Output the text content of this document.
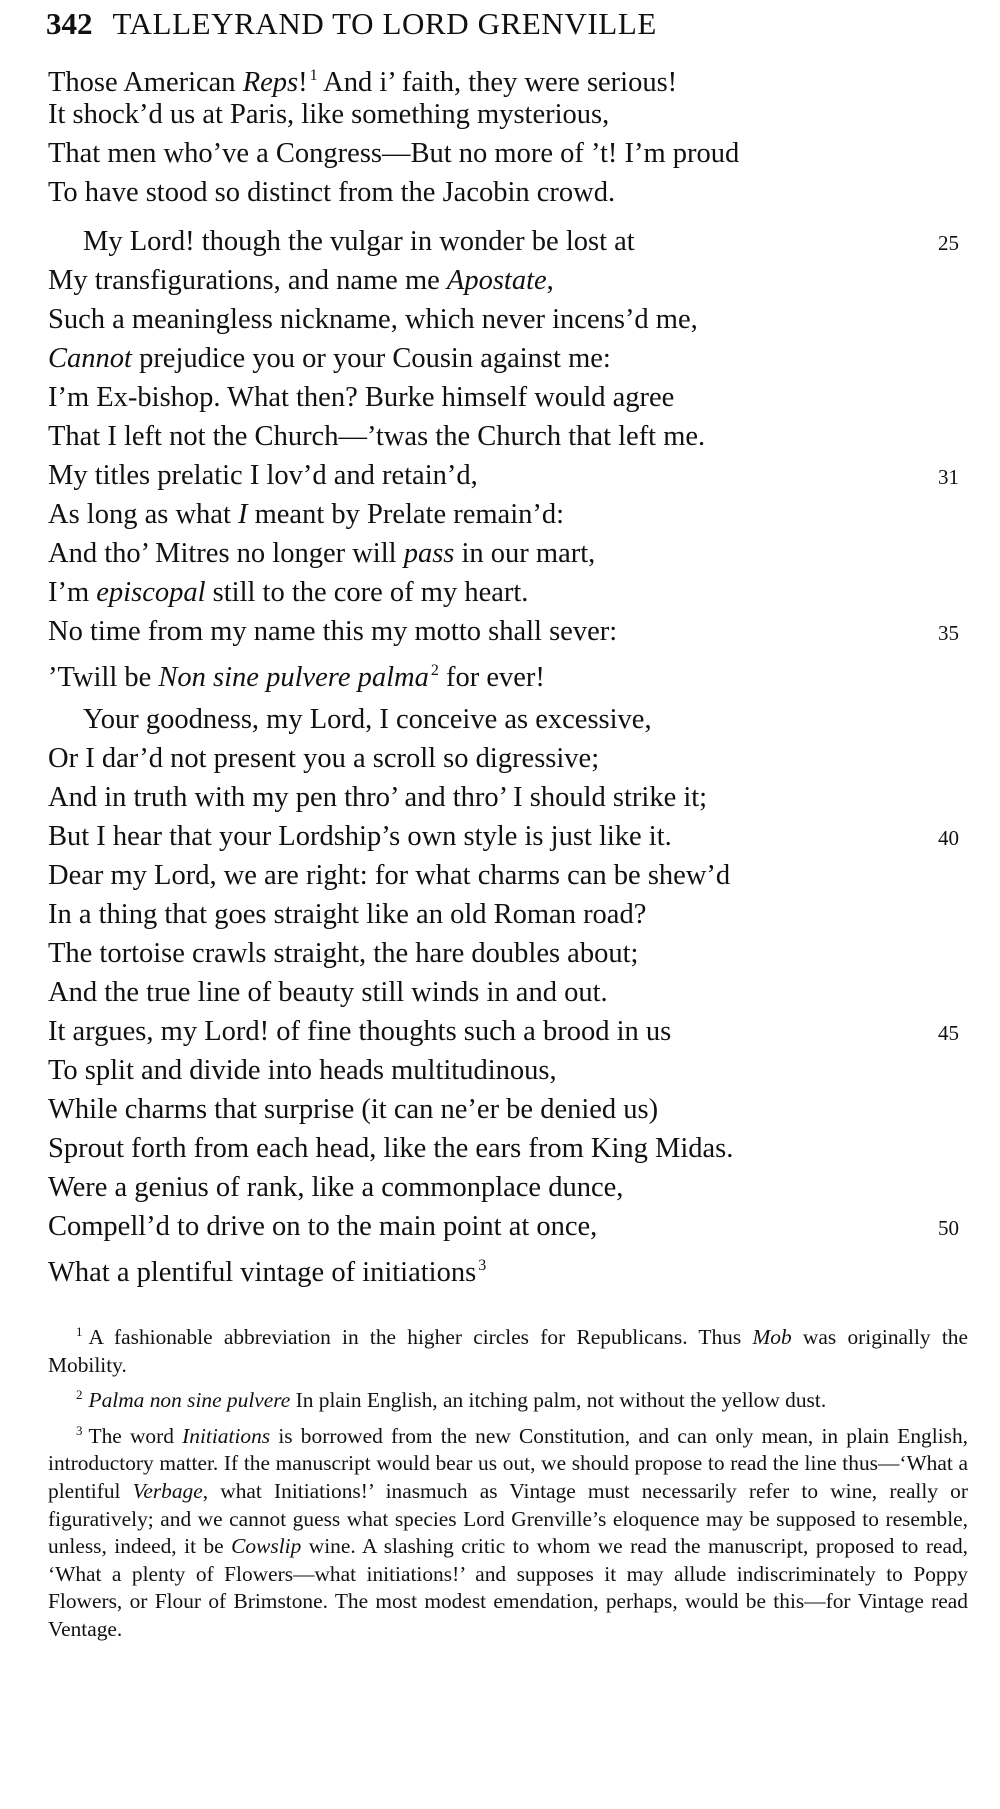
342 TALLEYRAND TO LORD GRENVILLE
Those American Reps! $^1$ And i’ faith, they were serious!
It shock’d us at Paris, like something mysterious,
That men who’ve a Congress—But no more of ’t! I’m proud
To have stood so distinct from the Jacobin crowd.
My Lord! though the vulgar in wonder be lost at	25
My transfigurations, and name me Apostate,
Such a meaningless nickname, which never incens’d me,
Cannot prejudice you or your Cousin against me:
I’m Ex-bishop. What then? Burke himself would agree
That I left not the Church—’twas the Church that left me.
My titles prelatic I lov’d and retain’d,	31
As long as what I meant by Prelate remain’d:
And tho’ Mitres no longer will pass in our mart,
I’m episcopal still to the core of my heart.
No time from my name this my motto shall sever:	35
’Twill be Non sine pulvere palma $^2$ for ever!
Your goodness, my Lord, I conceive as excessive,
Or I dar’d not present you a scroll so digressive;
And in truth with my pen thro’ and thro’ I should strike it;
But I hear that your Lordship’s own style is just like it.	40
Dear my Lord, we are right: for what charms can be shew’d
In a thing that goes straight like an old Roman road?
The tortoise crawls straight, the hare doubles about;
And the true line of beauty still winds in and out.
It argues, my Lord! of fine thoughts such a brood in us	45
To split and divide into heads multitudinous,
While charms that surprise (it can ne’er be denied us)
Sprout forth from each head, like the ears from King Midas.
Were a genius of rank, like a commonplace dunce,
Compell’d to drive on to the main point at once,	50
What a plentiful vintage of initiations $^3$

$^1$ A fashionable abbreviation in the higher circles for Republicans. Thus Mob was originally the Mobility.

$^2$ Palma non sine pulvere In plain English, an itching palm, not without the yellow dust.

$^3$ The word Initiations is borrowed from the new Constitution, and can only mean, in plain English, introductory matter. If the manuscript would bear us out, we should propose to read the line thus—‘What a plentiful Verbage, what Initiations!’ inasmuch as Vintage must necessarily refer to wine, really or figuratively; and we cannot guess what species Lord Grenville’s eloquence may be supposed to resemble, unless, indeed, it be Cowslip wine. A slashing critic to whom we read the manuscript, proposed to read, ‘What a plenty of Flowers—what initiations!’ and supposes it may allude indiscriminately to Poppy Flowers, or Flour of Brimstone. The most modest emendation, perhaps, would be this—for Vintage read Ventage.
